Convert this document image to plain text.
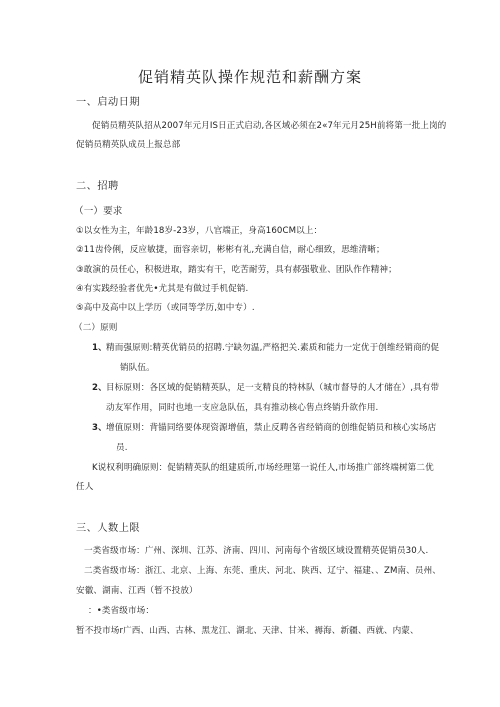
促销精英队操作规范和薪酬方案
一、启动日期
促销员精英队招从2007年元月IS日正式启动,各区域必须在2«7年元月25H前将第一批上岗的
促销员精英队成员上报总部
二、招聘
（一）要求
①以女性为主，年龄18岁-23岁，八官端正，身高160CM以上：
②11齿伶俐，反应敏捷，面容亲切，彬彬有礼,充满自信，耐心细致，思维清晰；
③敢演的员任心，积极进取，踏实有干，吃苦耐劳，具有郝强敬业、团队作作精神；
④有实践经验者优先•尤其是有做过手机促销.
⑤高中及高中以上学历（或同等学历,如中专）.
（二）原则
1、 精而强原则:精英优销员的招聘.宁缺勿温,严格把关.素质和能力一定优于创维经销商的促
销队伍。
2、 目标原则：各区域的促销精英队，足一支精良的特林队（城市督导的人才储在）,具有带
动友军作用，同时也地一支应急队伍，具有推动核心售点终销升欲作用.
3、 增值原则：背锚同络要体现资源增值，禁止反聘各省经销商的创维促销员和核心实场店
员.
K说权利明确原则：促销精英队的组建质所,市场经理第一说任人,市场推广部终端树第二优
任人
三、人数上限
一类省级市场：广州、深圳、江苏、济南、四川、河南每个省级区域设置精英促销员30人.
二类省级市场：浙江、北京、上海、东莞、重庆、河北、陕西、辽宁、福建、、ZM南、员州、
安徽、湖南、江西（暂不投放）
：•类省级市场：
暂不投市场r广西、山西、古林、黑龙江、湖北、天津、甘米、褥海、新疆、西就、内蒙、
